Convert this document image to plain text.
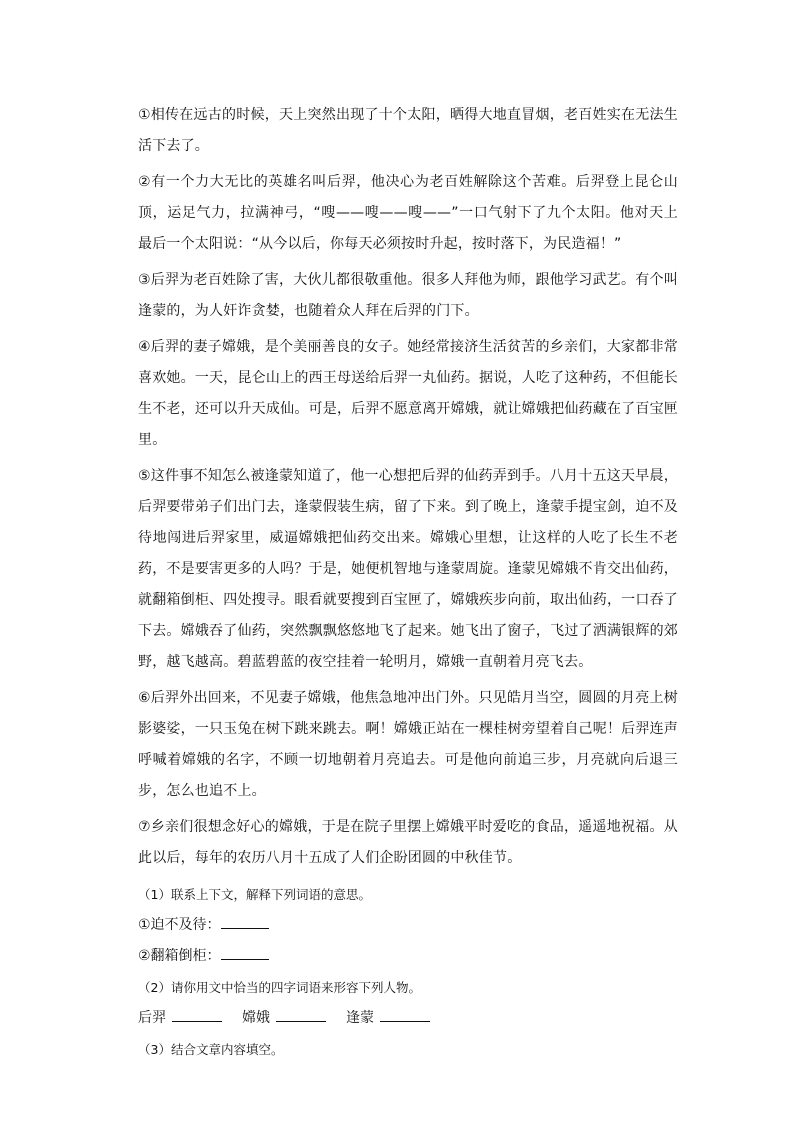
①相传在远古的时候，天上突然出现了十个太阳，晒得大地直冒烟，老百姓实在无法生活下去了。

②有一个力大无比的英雄名叫后羿，他决心为老百姓解除这个苦难。后羿登上昆仑山顶，运足气力，拉满神弓，“嗖——嗖——嗖——”一口气射下了九个太阳。他对天上最后一个太阳说：“从今以后，你每天必须按时升起，按时落下，为民造福！”

③后羿为老百姓除了害，大伙儿都很敬重他。很多人拜他为师，跟他学习武艺。有个叫逢蒙的，为人奸诈贪婪，也随着众人拜在后羿的门下。

④后羿的妻子嫦娥，是个美丽善良的女子。她经常接济生活贫苦的乡亲们，大家都非常喜欢她。一天，昆仑山上的西王母送给后羿一丸仙药。据说，人吃了这种药，不但能长生不老，还可以升天成仙。可是，后羿不愿意离开嫦娥，就让嫦娥把仙药藏在了百宝匣里。

⑤这件事不知怎么被逢蒙知道了，他一心想把后羿的仙药弄到手。八月十五这天早晨，后羿要带弟子们出门去，逢蒙假装生病，留了下来。到了晚上，逢蒙手提宝剑，迫不及待地闯进后羿家里，威逼嫦娥把仙药交出来。嫦娥心里想，让这样的人吃了长生不老药，不是要害更多的人吗？于是，她便机智地与逢蒙周旋。逢蒙见嫦娥不肯交出仙药，就翻箱倒柜、四处搜寻。眼看就要搜到百宝匣了，嫦娥疾步向前，取出仙药，一口吞了下去。嫦娥吞了仙药，突然飘飘悠悠地飞了起来。她飞出了窗子，飞过了洒满银辉的郊野，越飞越高。碧蓝碧蓝的夜空挂着一轮明月，嫦娥一直朝着月亮飞去。

⑥后羿外出回来，不见妻子嫦娥，他焦急地冲出门外。只见皓月当空，圆圆的月亮上树影婆娑，一只玉兔在树下跳来跳去。啊！嫦娥正站在一棵桂树旁望着自己呢！后羿连声呼喊着嫦娥的名字，不顾一切地朝着月亮追去。可是他向前追三步，月亮就向后退三步，怎么也追不上。

⑦乡亲们很想念好心的嫦娥，于是在院子里摆上嫦娥平时爱吃的食品，遥遥地祝福。从此以后，每年的农历八月十五成了人们企盼团圆的中秋佳节。

（1）联系上下文，解释下列词语的意思。

①迫不及待：

②翻箱倒柜：

（2）请你用文中恰当的四字词语来形容下列人物。

后羿	嫦娥	逢蒙

（3）结合文章内容填空。
